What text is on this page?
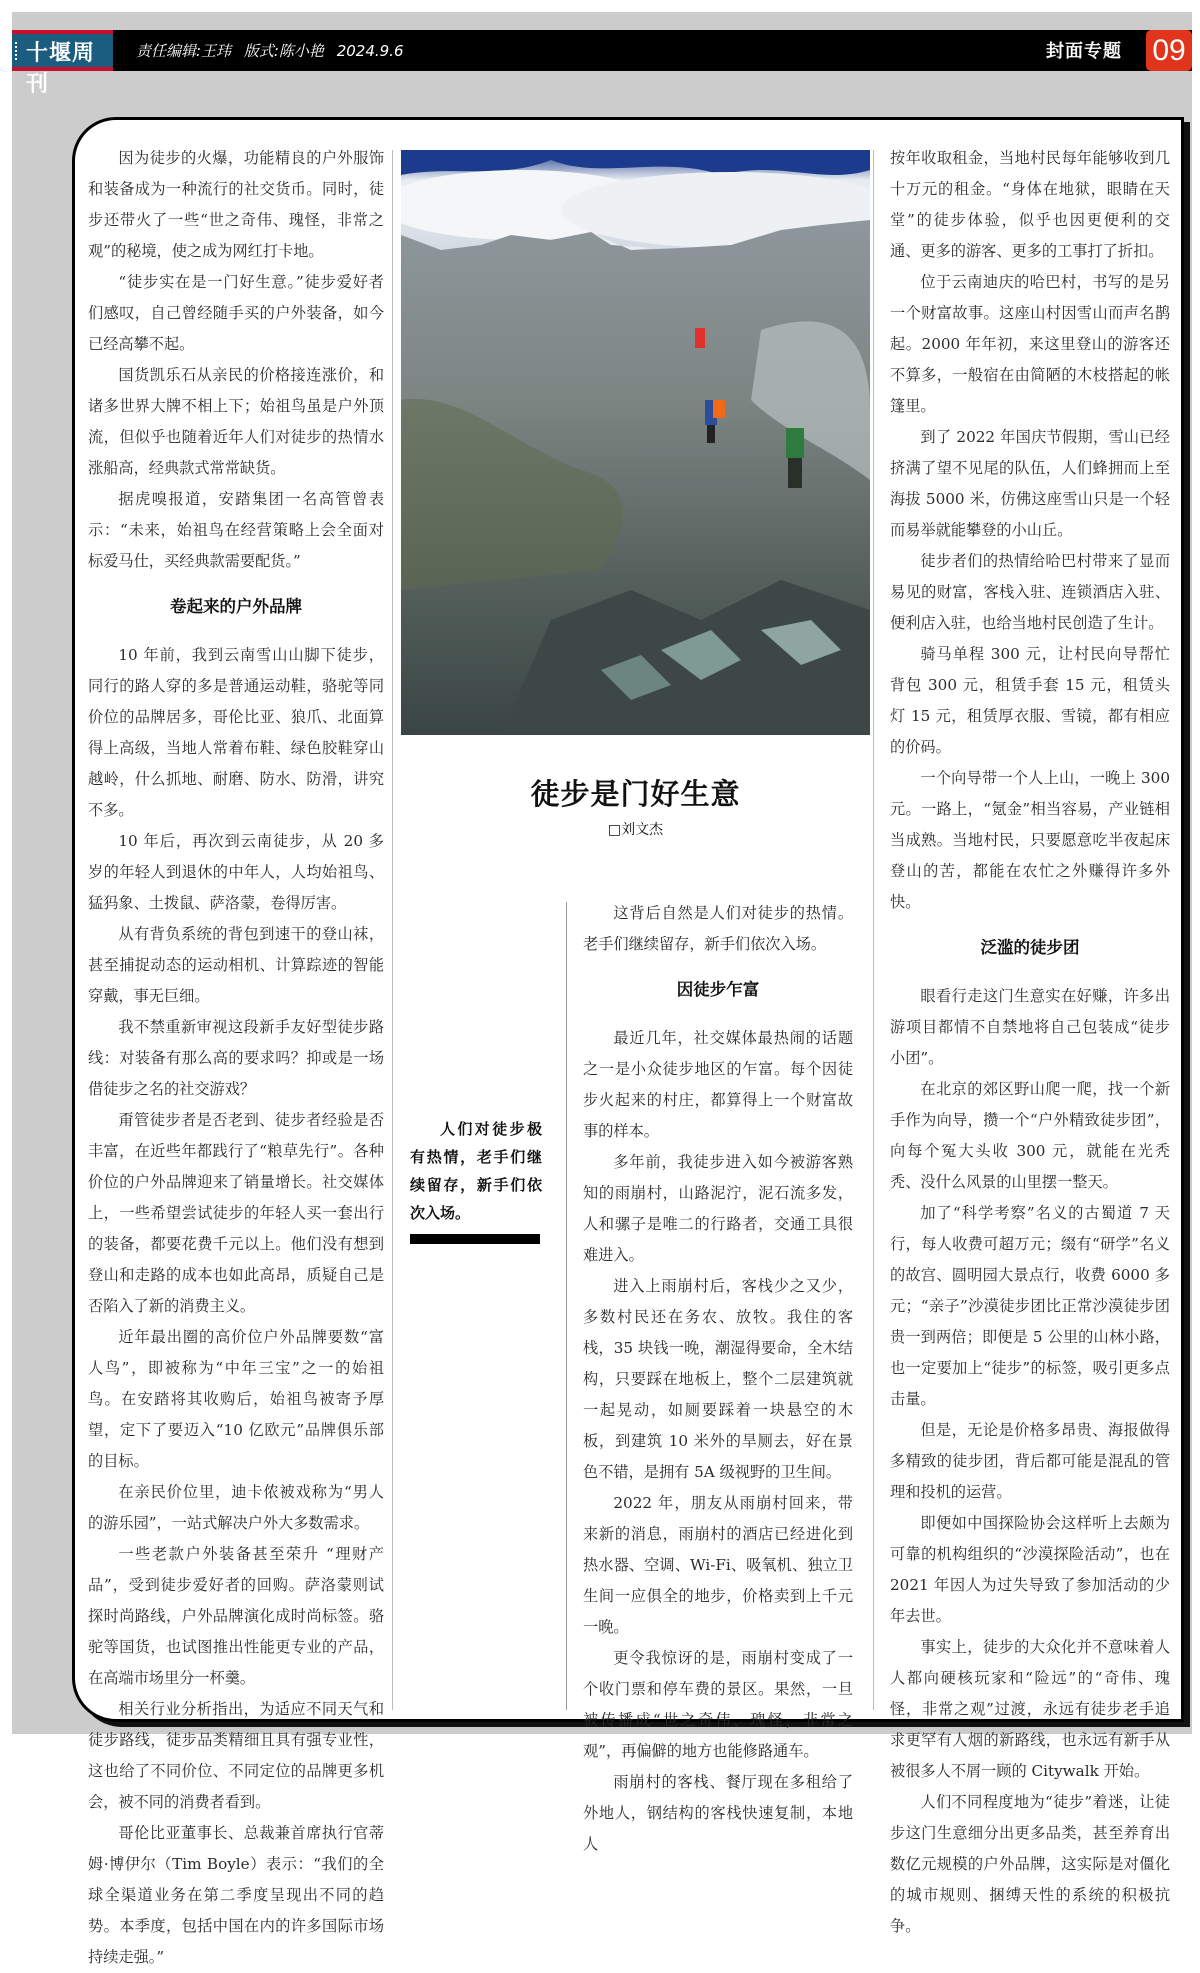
十堰周刊
责任编辑:王玮 版式:陈小艳 2024.9.6	封面专题 09

因为徒步的火爆，功能精良的户外服饰和装备成为一种流行的社交货币。同时，徒步还带火了一些“世之奇伟、瑰怪，非常之观”的秘境，使之成为网红打卡地。

“徒步实在是一门好生意。”徒步爱好者们感叹，自己曾经随手买的户外装备，如今已经高攀不起。

国货凯乐石从亲民的价格接连涨价，和诸多世界大牌不相上下；始祖鸟虽是户外顶流，但似乎也随着近年人们对徒步的热情水涨船高，经典款式常常缺货。

据虎嗅报道，安踏集团一名高管曾表示：“未来，始祖鸟在经营策略上会全面对标爱马仕，买经典款需要配货。”

卷起来的户外品牌

10 年前，我到云南雪山山脚下徒步，同行的路人穿的多是普通运动鞋，骆驼等同价位的品牌居多，哥伦比亚、狼爪、北面算得上高级，当地人常着布鞋、绿色胶鞋穿山越岭，什么抓地、耐磨、防水、防滑，讲究不多。

10 年后，再次到云南徒步，从 20 多岁的年轻人到退休的中年人，人均始祖鸟、猛犸象、土拨鼠、萨洛蒙，卷得厉害。

从有背负系统的背包到速干的登山袜，甚至捕捉动态的运动相机、计算踪迹的智能穿戴，事无巨细。

我不禁重新审视这段新手友好型徒步路线：对装备有那么高的要求吗？抑或是一场借徒步之名的社交游戏？

甭管徒步者是否老到、徒步者经验是否丰富，在近些年都践行了“粮草先行”。各种价位的户外品牌迎来了销量增长。社交媒体上，一些希望尝试徒步的年轻人买一套出行的装备，都要花费千元以上。他们没有想到登山和走路的成本也如此高昂，质疑自己是否陷入了新的消费主义。

近年最出圈的高价位户外品牌要数“富人鸟”，即被称为“中年三宝”之一的始祖鸟。在安踏将其收购后，始祖鸟被寄予厚望，定下了要迈入“10 亿欧元”品牌俱乐部的目标。

在亲民价位里，迪卡侬被戏称为“男人的游乐园”，一站式解决户外大多数需求。

一些老款户外装备甚至荣升 “理财产品”，受到徒步爱好者的回购。萨洛蒙则试探时尚路线，户外品牌演化成时尚标签。骆驼等国货，也试图推出性能更专业的产品，在高端市场里分一杯羹。

相关行业分析指出，为适应不同天气和徒步路线，徒步品类精细且具有强专业性，这也给了不同价位、不同定位的品牌更多机会，被不同的消费者看到。

哥伦比亚董事长、总裁兼首席执行官蒂姆·博伊尔（Tim Boyle）表示：“我们的全球全渠道业务在第二季度呈现出不同的趋势。本季度，包括中国在内的许多国际市场持续走强。”

徒步是门好生意
□刘文杰

人们对徒步极有热情，老手们继续留存，新手们依次入场。

这背后自然是人们对徒步的热情。老手们继续留存，新手们依次入场。

因徒步乍富

最近几年，社交媒体最热闹的话题之一是小众徒步地区的乍富。每个因徒步火起来的村庄，都算得上一个财富故事的样本。

多年前，我徒步进入如今被游客熟知的雨崩村，山路泥泞，泥石流多发，人和骡子是唯二的行路者，交通工具很难进入。

进入上雨崩村后，客栈少之又少，多数村民还在务农、放牧。我住的客栈，35 块钱一晚，潮湿得要命，全木结构，只要踩在地板上，整个二层建筑就一起晃动，如厕要踩着一块悬空的木板，到建筑 10 米外的旱厕去，好在景色不错，是拥有 5A 级视野的卫生间。

2022 年，朋友从雨崩村回来，带来新的消息，雨崩村的酒店已经进化到热水器、空调、Wi-Fi、吸氧机、独立卫生间一应俱全的地步，价格卖到上千元一晚。

更令我惊讶的是，雨崩村变成了一个收门票和停车费的景区。果然，一旦被传播成“世之奇伟、瑰怪，非常之观”，再偏僻的地方也能修路通车。

雨崩村的客栈、餐厅现在多租给了外地人，钢结构的客栈快速复制，本地人

按年收取租金，当地村民每年能够收到几十万元的租金。“身体在地狱，眼睛在天堂”的徒步体验，似乎也因更便利的交通、更多的游客、更多的工事打了折扣。

位于云南迪庆的哈巴村，书写的是另一个财富故事。这座山村因雪山而声名鹊起。2000 年年初，来这里登山的游客还不算多，一般宿在由简陋的木枝搭起的帐篷里。

到了 2022 年国庆节假期，雪山已经挤满了望不见尾的队伍，人们蜂拥而上至海拔 5000 米，仿佛这座雪山只是一个轻而易举就能攀登的小山丘。

徒步者们的热情给哈巴村带来了显而易见的财富，客栈入驻、连锁酒店入驻、便利店入驻，也给当地村民创造了生计。

骑马单程 300 元，让村民向导帮忙背包 300 元，租赁手套 15 元，租赁头灯 15 元，租赁厚衣服、雪镜，都有相应的价码。

一个向导带一个人上山，一晚上 300 元。一路上，“氪金”相当容易，产业链相当成熟。当地村民，只要愿意吃半夜起床登山的苦，都能在农忙之外赚得许多外快。

泛滥的徒步团

眼看行走这门生意实在好赚，许多出游项目都情不自禁地将自己包装成“徒步小团”。

在北京的郊区野山爬一爬，找一个新手作为向导，攒一个“户外精致徒步团”，向每个冤大头收 300 元，就能在光秃秃、没什么风景的山里摆一整天。

加了“科学考察”名义的古蜀道 7 天行，每人收费可超万元；缀有“研学”名义的故宫、圆明园大景点行，收费 6000 多元；“亲子”沙漠徒步团比正常沙漠徒步团贵一到两倍；即便是 5 公里的山林小路，也一定要加上“徒步”的标签，吸引更多点击量。

但是，无论是价格多昂贵、海报做得多精致的徒步团，背后都可能是混乱的管理和投机的运营。

即便如中国探险协会这样听上去颇为可靠的机构组织的“沙漠探险活动”，也在 2021 年因人为过失导致了参加活动的少年去世。

事实上，徒步的大众化并不意味着人人都向硬核玩家和“险远”的“奇伟、瑰怪，非常之观”过渡，永远有徒步老手追求更罕有人烟的新路线，也永远有新手从被很多人不屑一顾的 Citywalk 开始。

人们不同程度地为“徒步”着迷，让徒步这门生意细分出更多品类，甚至养育出数亿元规模的户外品牌，这实际是对僵化的城市规则、捆缚天性的系统的积极抗争。
